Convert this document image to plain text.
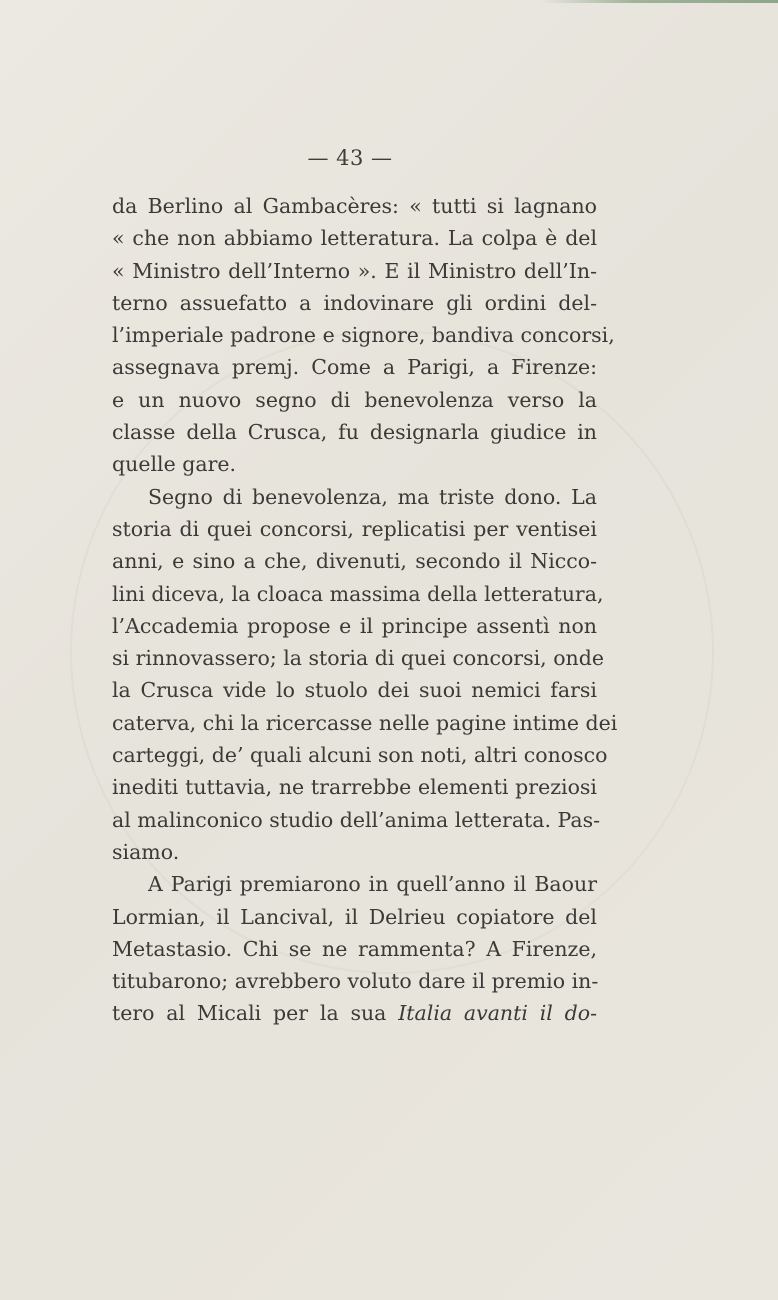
— 43 —
da Berlino al Gambacères: « tutti si lagnano
« che non abbiamo letteratura. La colpa è del
« Ministro dell’Interno ». E il Ministro dell’In-
terno assuefatto a indovinare gli ordini del-
l’imperiale padrone e signore, bandiva concorsi,
assegnava premj. Come a Parigi, a Firenze:
e un nuovo segno di benevolenza verso la
classe della Crusca, fu designarla giudice in
quelle gare.
Segno di benevolenza, ma triste dono. La
storia di quei concorsi, replicatisi per ventisei
anni, e sino a che, divenuti, secondo il Nicco-
lini diceva, la cloaca massima della letteratura,
l’Accademia propose e il principe assentì non
si rinnovassero; la storia di quei concorsi, onde
la Crusca vide lo stuolo dei suoi nemici farsi
caterva, chi la ricercasse nelle pagine intime dei
carteggi, de’ quali alcuni son noti, altri conosco
inediti tuttavia, ne trarrebbe elementi preziosi
al malinconico studio dell’anima letterata. Pas-
siamo.
A Parigi premiarono in quell’anno il Baour
Lormian, il Lancival, il Delrieu copiatore del
Metastasio. Chi se ne rammenta? A Firenze,
titubarono; avrebbero voluto dare il premio in-
tero al Micali per la sua Italia avanti il do-
